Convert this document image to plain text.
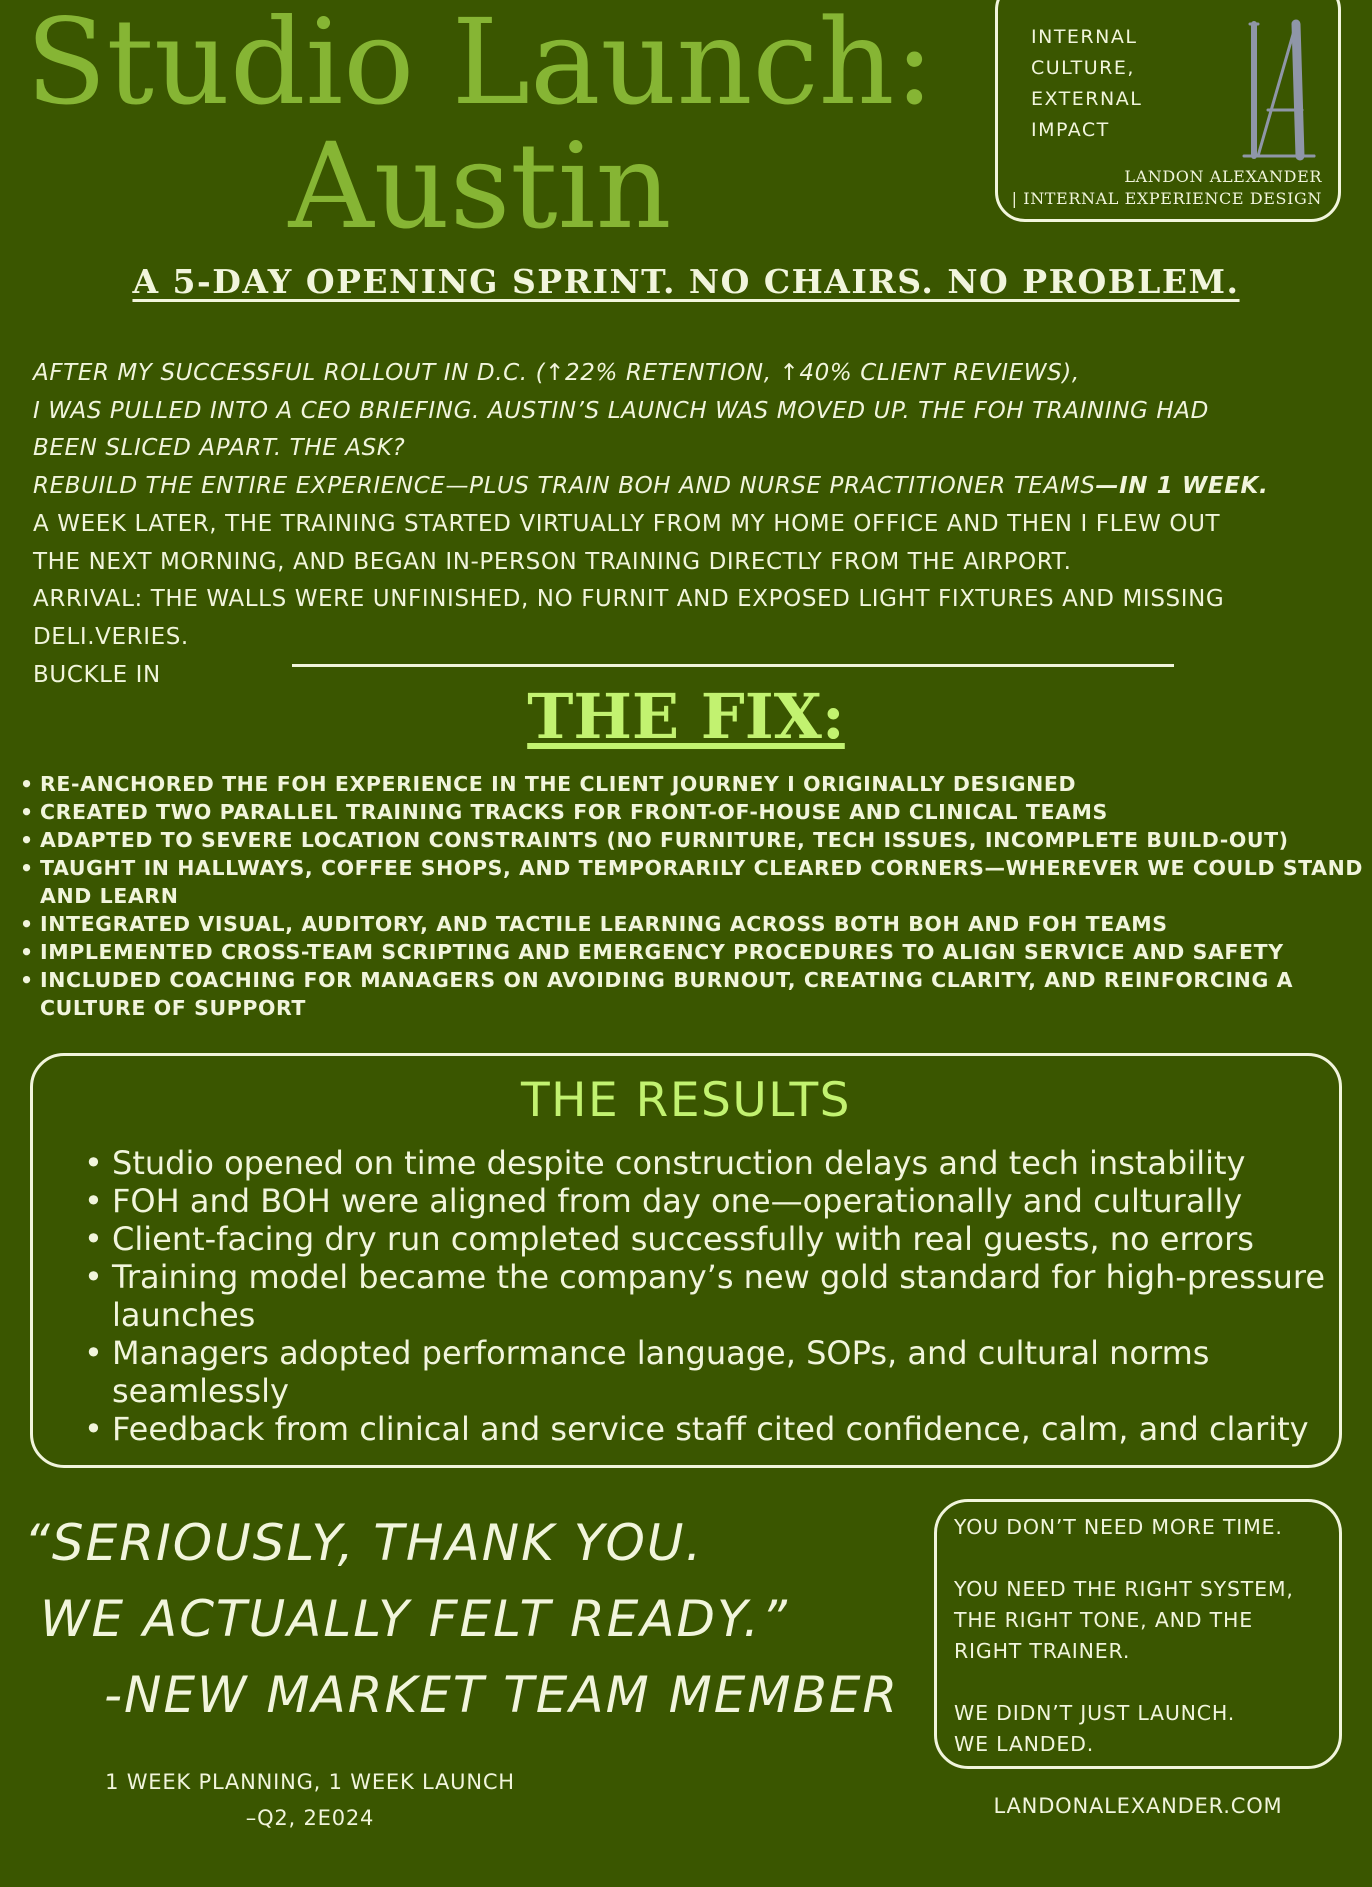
Studio Launch:
Austin
INTERNAL
CULTURE,
EXTERNAL
IMPACT
LANDON ALEXANDER
| INTERNAL EXPERIENCE DESIGN
A 5-DAY OPENING SPRINT. NO CHAIRS. NO PROBLEM.
AFTER MY SUCCESSFUL ROLLOUT IN D.C. (↑22% RETENTION, ↑40% CLIENT REVIEWS),
I WAS PULLED INTO A CEO BRIEFING. AUSTIN’S LAUNCH WAS MOVED UP. THE FOH TRAINING HAD
BEEN SLICED APART. THE ASK?
REBUILD THE ENTIRE EXPERIENCE—PLUS TRAIN BOH AND NURSE PRACTITIONER TEAMS—IN 1 WEEK.
A WEEK LATER, THE TRAINING STARTED VIRTUALLY FROM MY HOME OFFICE AND THEN I FLEW OUT
THE NEXT MORNING, AND BEGAN IN-PERSON TRAINING DIRECTLY FROM THE AIRPORT.
ARRIVAL: THE WALLS WERE UNFINISHED, NO FURNIT AND EXPOSED LIGHT FIXTURES AND MISSING
DELI.VERIES.
BUCKLE IN
THE FIX:
• RE-ANCHORED THE FOH EXPERIENCE IN THE CLIENT JOURNEY I ORIGINALLY DESIGNED
• CREATED TWO PARALLEL TRAINING TRACKS FOR FRONT-OF-HOUSE AND CLINICAL TEAMS
• ADAPTED TO SEVERE LOCATION CONSTRAINTS (NO FURNITURE, TECH ISSUES, INCOMPLETE BUILD-OUT)
• TAUGHT IN HALLWAYS, COFFEE SHOPS, AND TEMPORARILY CLEARED CORNERS—WHEREVER WE COULD STAND AND LEARN
• INTEGRATED VISUAL, AUDITORY, AND TACTILE LEARNING ACROSS BOTH BOH AND FOH TEAMS
• IMPLEMENTED CROSS-TEAM SCRIPTING AND EMERGENCY PROCEDURES TO ALIGN SERVICE AND SAFETY
• INCLUDED COACHING FOR MANAGERS ON AVOIDING BURNOUT, CREATING CLARITY, AND REINFORCING A CULTURE OF SUPPORT
THE RESULTS
• Studio opened on time despite construction delays and tech instability
• FOH and BOH were aligned from day one—operationally and culturally
• Client-facing dry run completed successfully with real guests, no errors
• Training model became the company’s new gold standard for high-pressure launches
• Managers adopted performance language, SOPs, and cultural norms seamlessly
• Feedback from clinical and service staff cited confidence, calm, and clarity
“SERIOUSLY, THANK YOU.
WE ACTUALLY FELT READY.”
-NEW MARKET TEAM MEMBER
1 WEEK PLANNING, 1 WEEK LAUNCH
–Q2, 2E024
YOU DON’T NEED MORE TIME.
YOU NEED THE RIGHT SYSTEM,
THE RIGHT TONE, AND THE
RIGHT TRAINER.
WE DIDN’T JUST LAUNCH.
WE LANDED.
LANDONALEXANDER.COM
